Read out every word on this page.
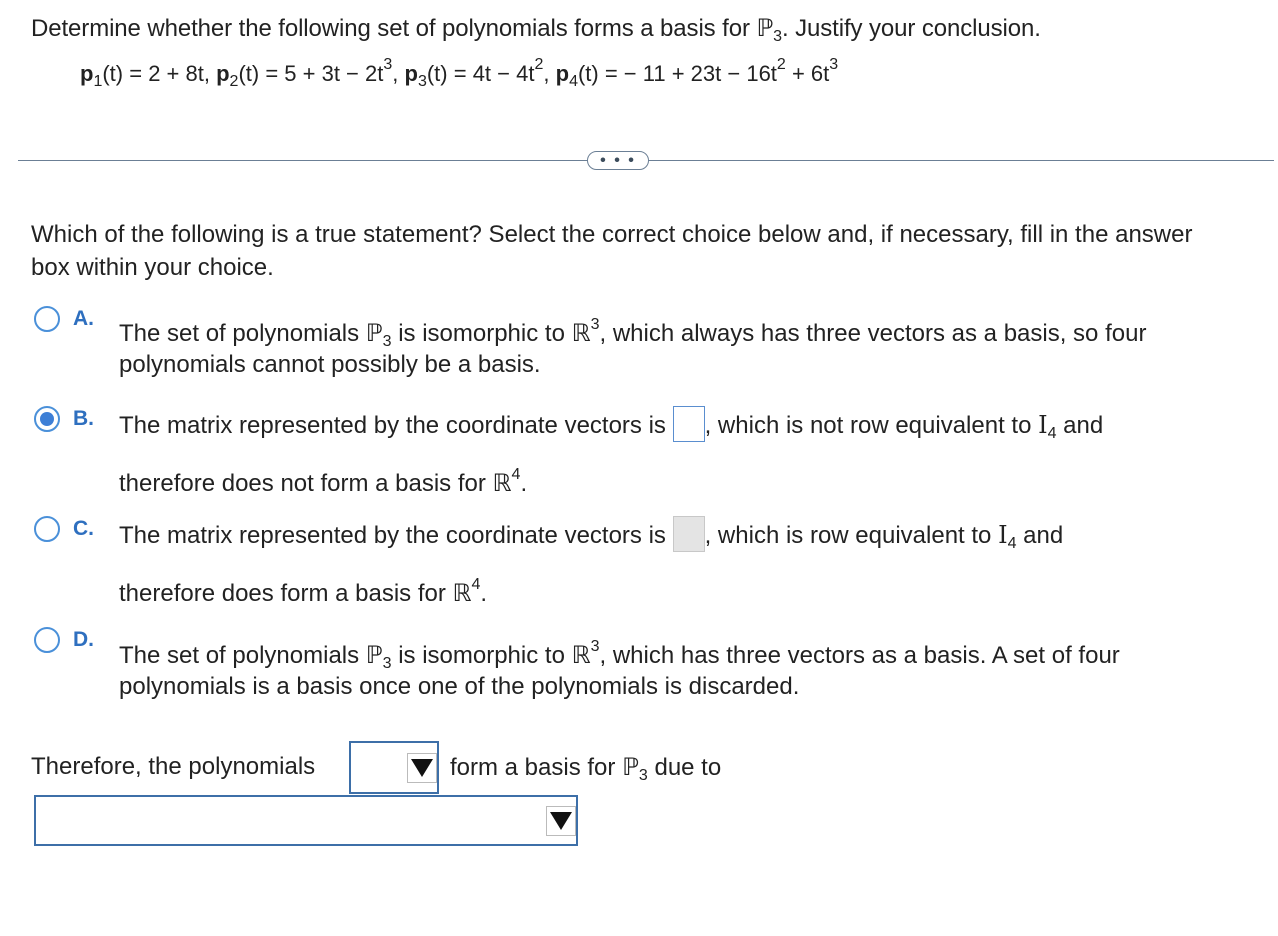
Determine whether the following set of polynomials forms a basis for ℙ$_3$. Justify your conclusion.
$p_1(t) = 2 + 8t$, $p_2(t) = 5 + 3t - 2t^3$, $p_3(t) = 4t - 4t^2$, $p_4(t)$ = − $11 + 23t - 16t^2 + 6t^3$
• • •
Which of the following is a true statement? Select the correct choice below and, if necessary, fill in the answer box within your choice.
A.
The set of polynomials ℙ$_3$ is isomorphic to ℝ$^3$, which always has three vectors as a basis, so four
polynomials cannot possibly be a basis.
B. The matrix represented by the coordinate vectors is , which is not row equivalent to $I_4$ and
therefore does not form a basis for ℝ$^4$.
C. The matrix represented by the coordinate vectors is , which is row equivalent to $I_4$ and
therefore does form a basis for ℝ$^4$.
D.
The set of polynomials ℙ$_3$ is isomorphic to ℝ$^3$, which has three vectors as a basis. A set of four
polynomials is a basis once one of the polynomials is discarded.
Therefore, the polynomials	form a basis for ℙ$_3$ due to
